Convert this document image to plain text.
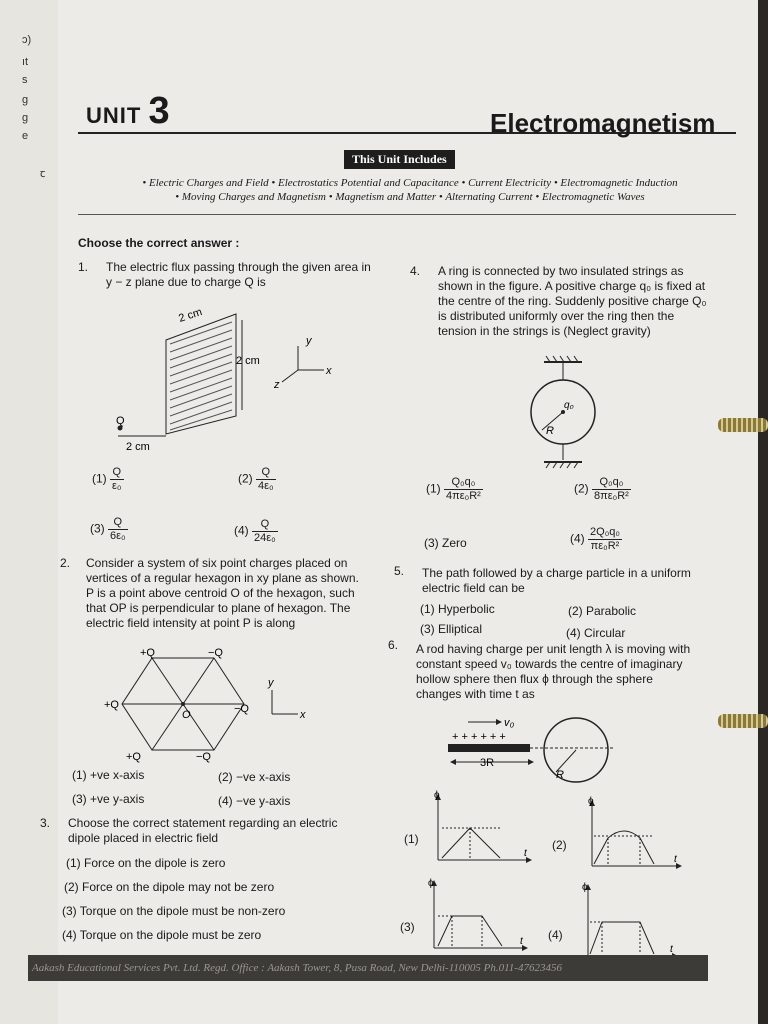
ɔ)
ıt
s
g
g
e
ꞇ
UNIT 3	Electromagnetism
This Unit Includes
• Electric Charges and Field • Electrostatics Potential and Capacitance • Current Electricity • Electromagnetic Induction
• Moving Charges and Magnetism • Magnetism and Matter • Alternating Current • Electromagnetic Waves
Choose the correct answer :
1. The electric flux passing through the given area in
y − z plane due to charge Q is
2 cm
2 cm
2 cm
Q
y
x
z
$(1) \frac{Q}{\text{ε₀}}$	$(2) \frac{Q}{\text{4ε₀}}$
$(3) \frac{Q}{\text{6ε₀}}$	$(4) \frac{Q}{\text{24ε₀}}$
2. Consider a system of six point charges placed on
vertices of a regular hexagon in xy plane as shown.
P is a point above centroid O of the hexagon, such
that OP is perpendicular to plane of hexagon. The
electric field intensity at point P is along
+Q	−Q
+Q	−Q
+Q	−Q
O
y
x
(1) +ve x-axis	(2) −ve x-axis
(3) +ve y-axis	(4) −ve y-axis
3. Choose the correct statement regarding an electric
dipole placed in electric field
(1) Force on the dipole is zero
(2) Force on the dipole may not be zero
(3) Torque on the dipole must be non-zero
(4) Torque on the dipole must be zero
4. A ring is connected by two insulated strings as
shown in the figure. A positive charge q₀ is fixed at
the centre of the ring. Suddenly positive charge Q₀
is distributed uniformly over the ring then the
tension in the strings is (Neglect gravity)
q₀
R
$(1) \frac{\text{Q₀q₀}}{\text{4πε₀R²}}$	$(2) \frac{\text{Q₀q₀}}{\text{8πε₀R²}}$
(3) Zero	$(4) \frac{\text{2Q₀q₀}}{\text{πε₀R²}}$
5. The path followed by a charge particle in a uniform
electric field can be
(1) Hyperbolic	(2) Parabolic
(3) Elliptical	(4) Circular
6. A rod having charge per unit length λ is moving with
constant speed v₀ towards the centre of imaginary
hollow sphere then flux ϕ through the sphere
changes with time t as
v₀
+ + + + + +
3R
R
(1)
ϕ
t
(2)
ϕ
t
(3)
ϕ
t (4)
ϕ
t
Aakash Educational Services Pvt. Ltd. Regd. Office : Aakash Tower, 8, Pusa Road, New Delhi-110005 Ph.011-47623456
